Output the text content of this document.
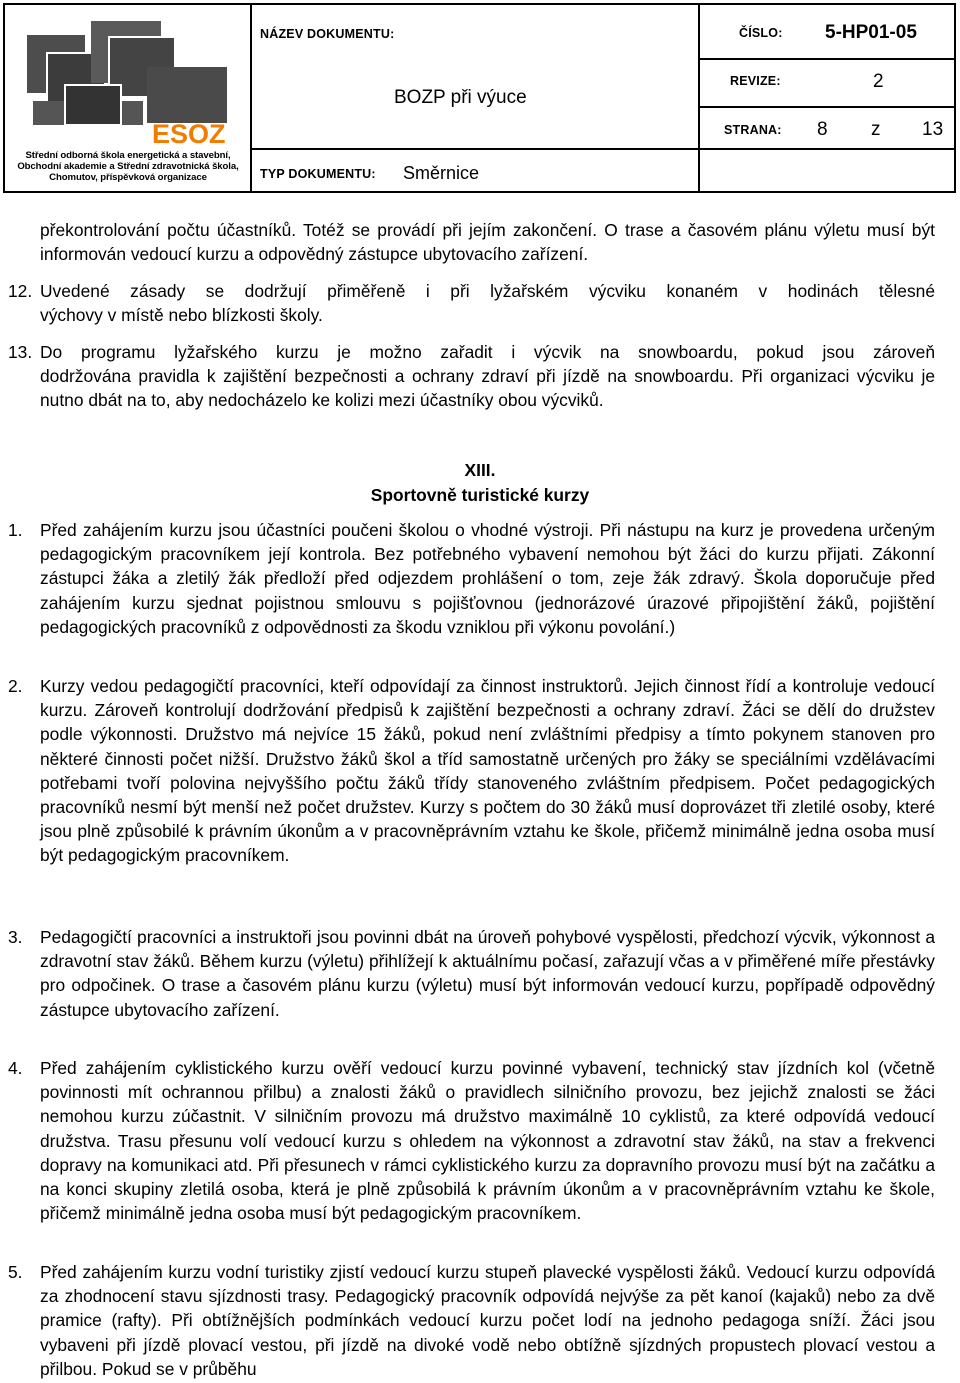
ESOZ
Střední odborná škola energetická a stavební,
Obchodní akademie a Střední zdravotnická škola,
Chomutov, příspěvková organizace
NÁZEV DOKUMENTU:
BOZP při výuce
TYP DOKUMENTU: Směrnice
ČÍSLO: 5-HP01-05
REVIZE:	2
STRANA: 8 z 13
překontrolování počtu účastníků. Totéž se provádí při jejím zakončení. O trase a časovém plánu výletu musí být informován vedoucí kurzu a odpovědný zástupce ubytovacího zařízení.
12. Uvedené zásady se dodržují přiměřeně i při lyžařském výcviku konaném v hodinách tělesné
výchovy v místě nebo blízkosti školy.
13. Do programu lyžařského kurzu je možno zařadit i výcvik na snowboardu, pokud jsou zároveň
dodržována pravidla k zajištění bezpečnosti a ochrany zdraví při jízdě na snowboardu. Při organizaci výcviku je nutno dbát na to, aby nedocházelo ke kolizi mezi účastníky obou výcviků.
XIII.
Sportovně turistické kurzy
1. Před zahájením kurzu jsou účastníci poučeni školou o vhodné výstroji. Při nástupu na kurz je provedena určeným pedagogickým pracovníkem její kontrola. Bez potřebného vybavení nemohou být žáci do kurzu přijati. Zákonní zástupci žáka a zletilý žák předloží před odjezdem prohlášení o tom, zeje žák zdravý. Škola doporučuje před zahájením kurzu sjednat pojistnou smlouvu s pojišťovnou (jednorázové úrazové připojištění žáků, pojištění pedagogických pracovníků z odpovědnosti za škodu vzniklou při výkonu povolání.)
2. Kurzy vedou pedagogičtí pracovníci, kteří odpovídají za činnost instruktorů. Jejich činnost řídí a kontroluje vedoucí kurzu. Zároveň kontrolují dodržování předpisů k zajištění bezpečnosti a ochrany zdraví. Žáci se dělí do družstev podle výkonnosti. Družstvo má nejvíce 15 žáků, pokud není zvláštními předpisy a tímto pokynem stanoven pro některé činnosti počet nižší. Družstvo žáků škol a tříd samostatně určených pro žáky se speciálními vzdělávacími potřebami tvoří polovina nejvyššího počtu žáků třídy stanoveného zvláštním předpisem. Počet pedagogických pracovníků nesmí být menší než počet družstev. Kurzy s počtem do 30 žáků musí doprovázet tři zletilé osoby, které jsou plně způsobilé k právním úkonům a v pracovněprávním vztahu ke škole, přičemž minimálně jedna osoba musí být pedagogickým pracovníkem.
3. Pedagogičtí pracovníci a instruktoři jsou povinni dbát na úroveň pohybové vyspělosti, předchozí výcvik, výkonnost a zdravotní stav žáků. Během kurzu (výletu) přihlížejí k aktuálnímu počasí, zařazují včas a v přiměřené míře přestávky pro odpočinek. O trase a časovém plánu kurzu (výletu) musí být informován vedoucí kurzu, popřípadě odpovědný zástupce ubytovacího zařízení.
4. Před zahájením cyklistického kurzu ověří vedoucí kurzu povinné vybavení, technický stav jízdních kol (včetně povinnosti mít ochrannou přilbu) a znalosti žáků o pravidlech silničního provozu, bez jejichž znalosti se žáci nemohou kurzu zúčastnit. V silničním provozu má družstvo maximálně 10 cyklistů, za které odpovídá vedoucí družstva. Trasu přesunu volí vedoucí kurzu s ohledem na výkonnost a zdravotní stav žáků, na stav a frekvenci dopravy na komunikaci atd. Při přesunech v rámci cyklistického kurzu za dopravního provozu musí být na začátku a na konci skupiny zletilá osoba, která je plně způsobilá k právním úkonům a v pracovněprávním vztahu ke škole, přičemž minimálně jedna osoba musí být pedagogickým pracovníkem.
5. Před zahájením kurzu vodní turistiky zjistí vedoucí kurzu stupeň plavecké vyspělosti žáků. Vedoucí kurzu odpovídá za zhodnocení stavu sjízdnosti trasy. Pedagogický pracovník odpovídá nejvýše za pět kanoí (kajaků) nebo za dvě pramice (rafty). Při obtížnějších podmínkách vedoucí kurzu počet lodí na jednoho pedagoga sníží. Žáci jsou vybaveni při jízdě plovací vestou, při jízdě na divoké vodě nebo obtížně sjízdných propustech plovací vestou a přilbou. Pokud se v průběhu
